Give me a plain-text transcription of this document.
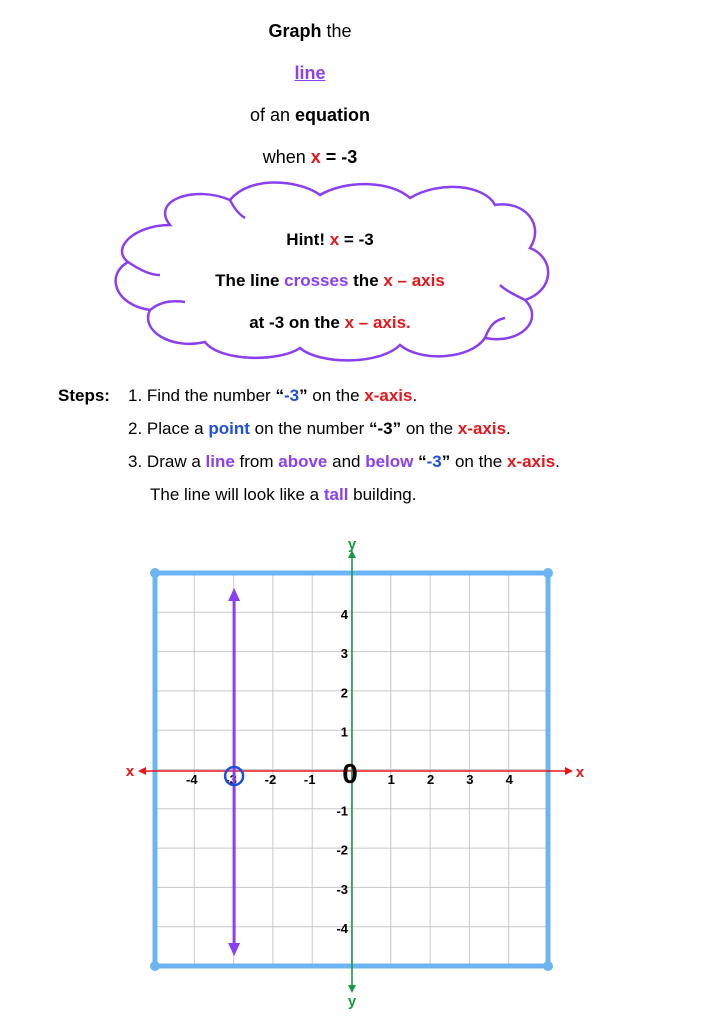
Graph the
line
of an equation
when x = -3
Hint! x = -3
The line crosses the x – axis
at -3 on the x – axis.
Steps: 1. Find the number “-3” on the x-axis.
2. Place a point on the number “-3” on the x-axis.
3. Draw a line from above and below “-3” on the x-axis.
The line will look like a tall building.
x	x
y
y
-4 -3 -2 -1	1 2 3 4
4
3
2
1
-1
-2
-3
-4
0
